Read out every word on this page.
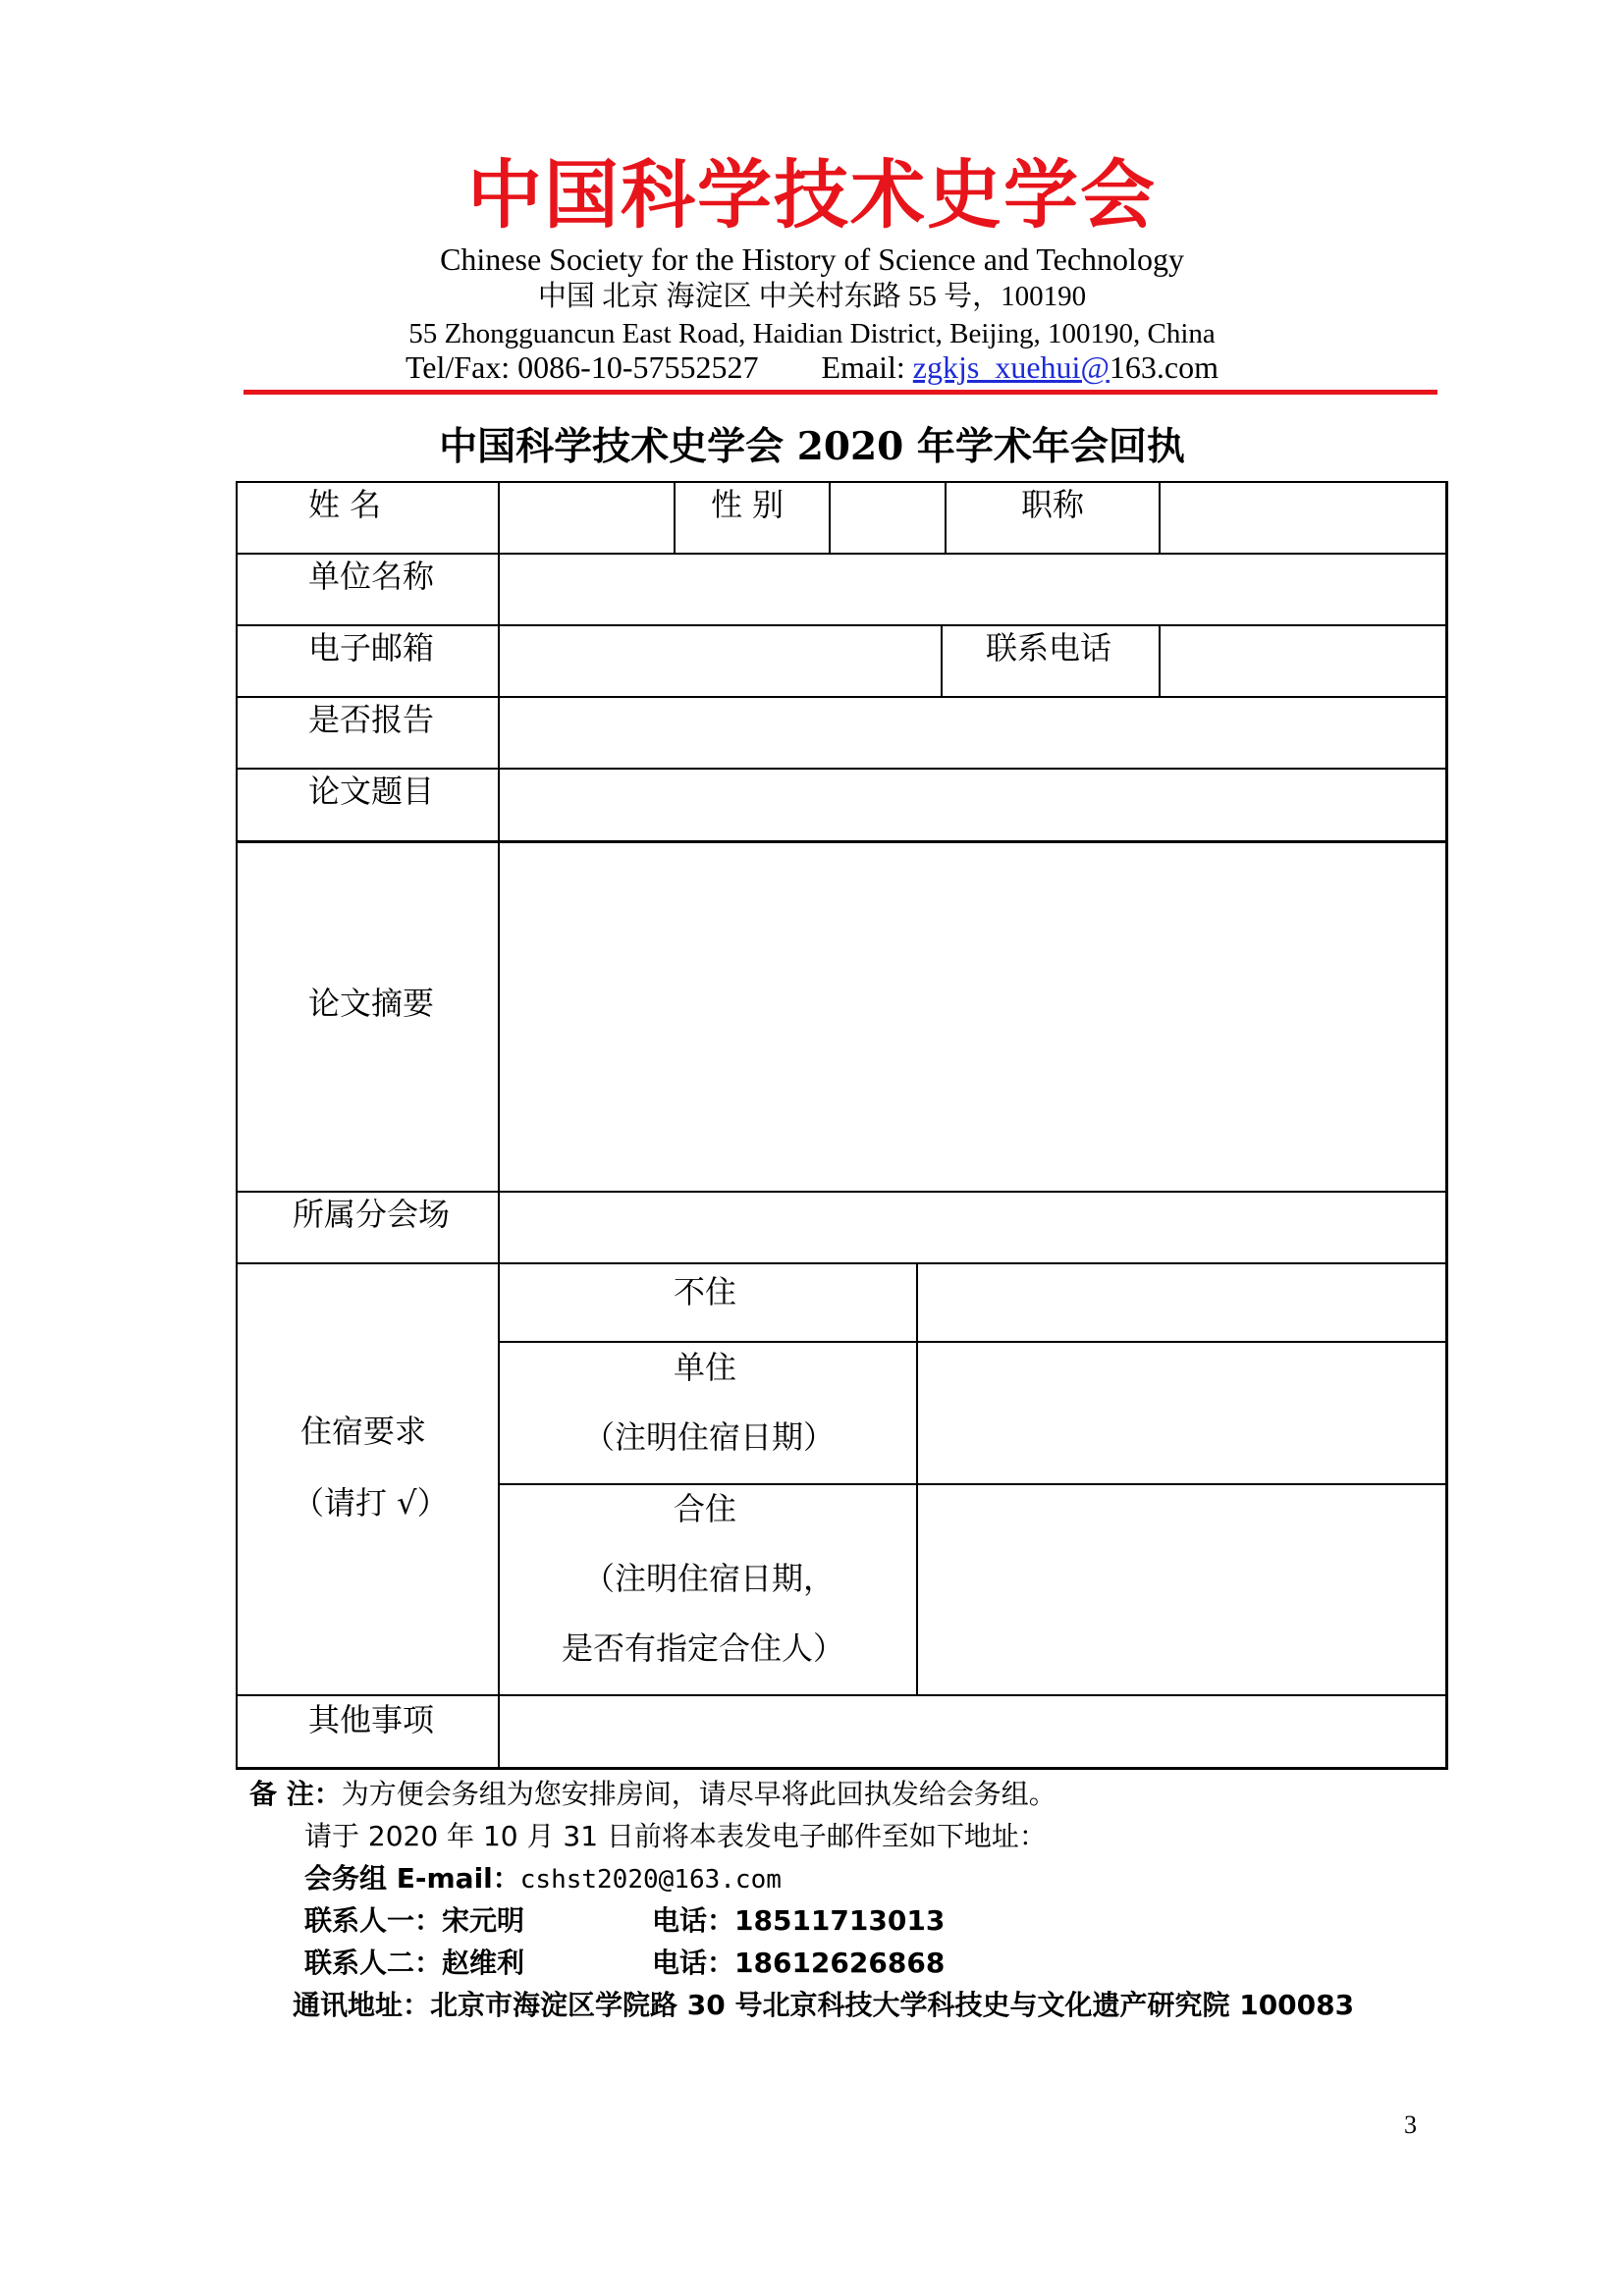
中国科学技术史学会
Chinese Society for the History of Science and Technology
中国 北京 海淀区 中关村东路 55 号，100190
55 Zhongguancun East Road, Haidian District, Beijing, 100190, China
Tel/Fax: 0086-10-57552527 Email: zgkjs_xuehui@163.com
中国科学技术史学会 2020 年学术年会回执
姓 名	性 别	职称
单位名称
电子邮箱	联系电话
是否报告
论文题目
论文摘要
所属分会场
住宿要求
（请打 √）
不住
单住
（注明住宿日期）
合住
（注明住宿日期，
是否有指定合住人）
其他事项
备 注：为方便会务组为您安排房间，请尽早将此回执发给会务组。
请于 2020 年 10 月 31 日前将本表发电子邮件至如下地址：
会务组 E-mail：cshst2020@163.com
联系人一：宋元明	电话：18511713013
联系人二：赵维利	电话：18612626868
通讯地址：北京市海淀区学院路 30 号北京科技大学科技史与文化遗产研究院 100083
3
